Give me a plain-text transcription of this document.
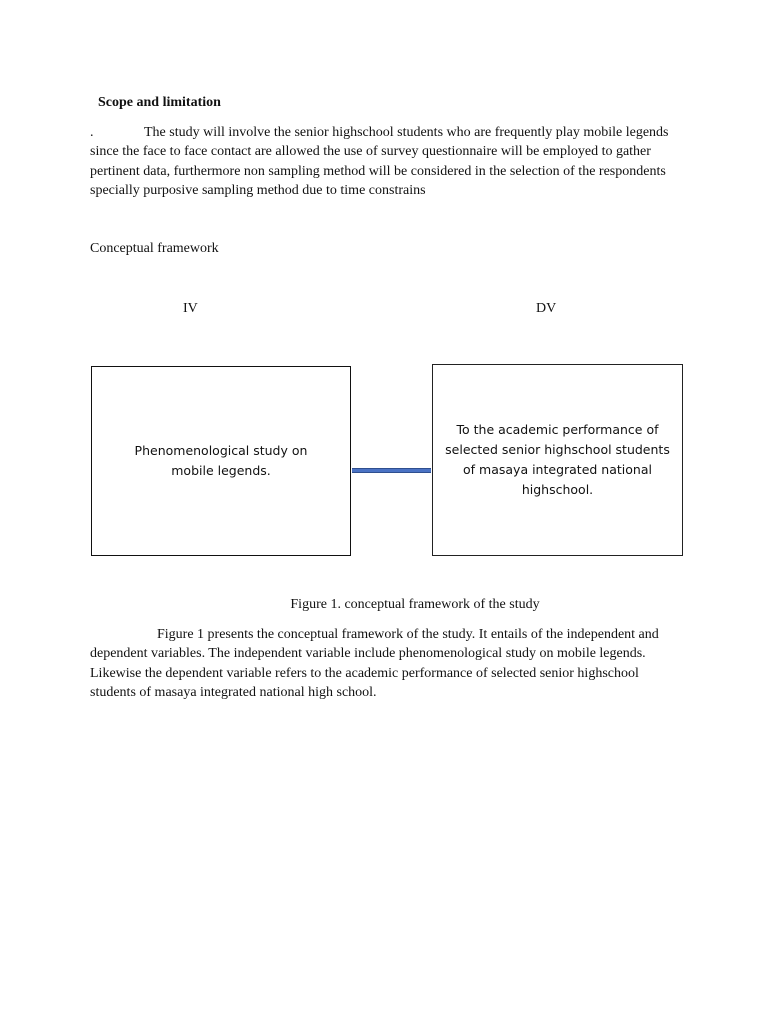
Scope and limitation

.	The study will involve the senior highschool students who are frequently play mobile legends since the face to face contact are allowed the use of survey questionnaire will be employed to gather pertinent data, furthermore non sampling method will be considered in the selection of the respondents specially purposive sampling method due to time constrains

Conceptual framework
IV	DV
Phenomenological study on mobile legends.
To the academic performance of selected senior highschool students of masaya integrated national highschool.
Figure 1. conceptual framework of the study

Figure 1 presents the conceptual framework of the study. It entails of the independent and dependent variables. The independent variable include phenomenological study on mobile legends. Likewise the dependent variable refers to the academic performance of selected senior highschool students of masaya integrated national high school.
